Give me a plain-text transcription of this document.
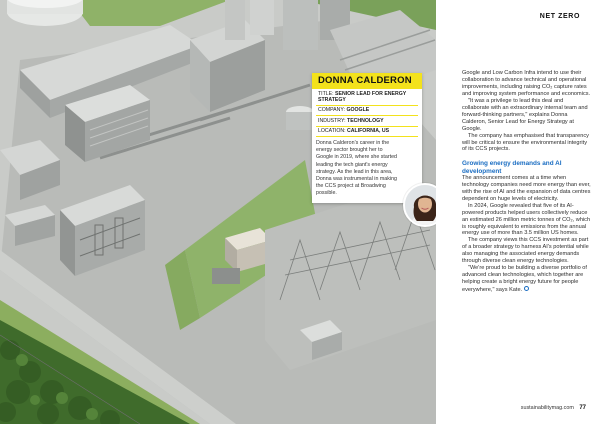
DONNA CALDERON
TITLE: SENIOR LEAD FOR ENERGY STRATEGY
COMPANY: GOOGLE
INDUSTRY: TECHNOLOGY
LOCATION: CALIFORNIA, US

Donna Calderon's career in the energy sector brought her to Google in 2019, where she started leading the tech giant's energy strategy. As the lead in this area, Donna was instrumental in making the CCS project at Broadwing possible.

NET ZERO

Google and Low Carbon Infra intend to use their collaboration to advance technical and operational improvements, including raising CO₂ capture rates and improving system performance and economics.

"It was a privilege to lead this deal and collaborate with an extraordinary internal team and forward-thinking partners," explains Donna Calderon, Senior Lead for Energy Strategy at Google.

The company has emphasised that transparency will be critical to ensure the environmental integrity of its CCS projects.

Growing energy demands and AI development

The announcement comes at a time when technology companies need more energy than ever, with the rise of AI and the expansion of data centres dependent on huge levels of electricity.

In 2024, Google revealed that five of its AI-powered products helped users collectively reduce an estimated 26 million metric tonnes of CO₂, which is roughly equivalent to emissions from the annual energy use of more than 3.5 million US homes.

The company views this CCS investment as part of a broader strategy to harness AI's potential while also managing the associated energy demands through diverse clean energy technologies.

"We're proud to be building a diverse portfolio of advanced clean technologies, which together are helping create a bright energy future for people everywhere," says Kate.

sustainabilitymag.com 77
